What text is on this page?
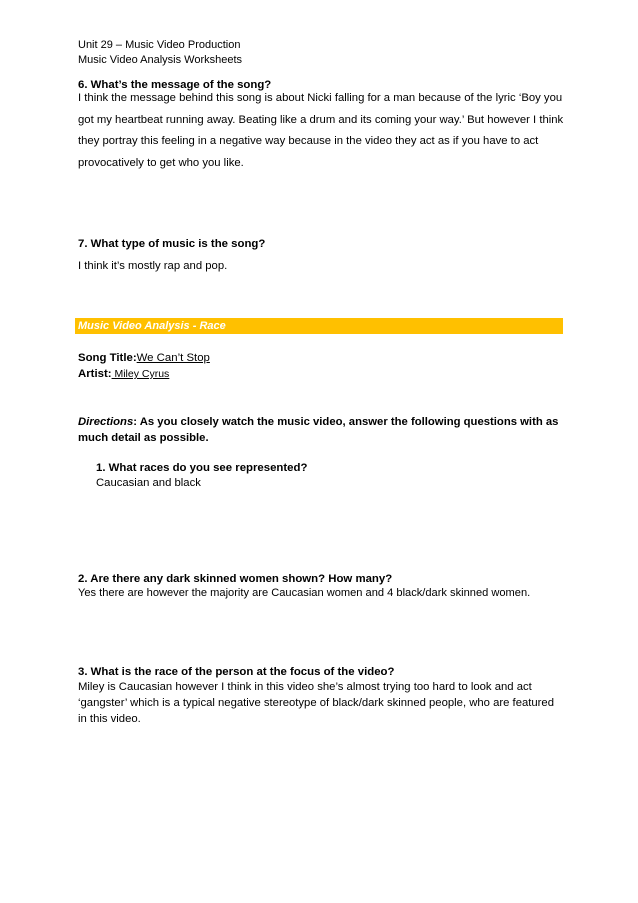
Unit 29 – Music Video Production
Music Video Analysis Worksheets
6. What’s the message of the song?
I think the message behind this song is about Nicki falling for a man because of the lyric ‘Boy you got my heartbeat running away. Beating like a drum and its coming your way.’ But however I think they portray this feeling in a negative way because in the video they act as if you have to act provocatively to get who you like.
7. What type of music is the song?
I think it’s mostly rap and pop.
Music Video Analysis - Race
Song Title:We Can’t Stop
Artist: Miley Cyrus
Directions: As you closely watch the music video, answer the following questions with as much detail as possible.
1. What races do you see represented?
Caucasian and black
2. Are there any dark skinned women shown? How many?
Yes there are however the majority are Caucasian women and 4 black/dark skinned women.
3. What is the race of the person at the focus of the video?
Miley is Caucasian however I think in this video she’s almost trying too hard to look and act ‘gangster’ which is a typical negative stereotype of black/dark skinned people, who are featured in this video.
